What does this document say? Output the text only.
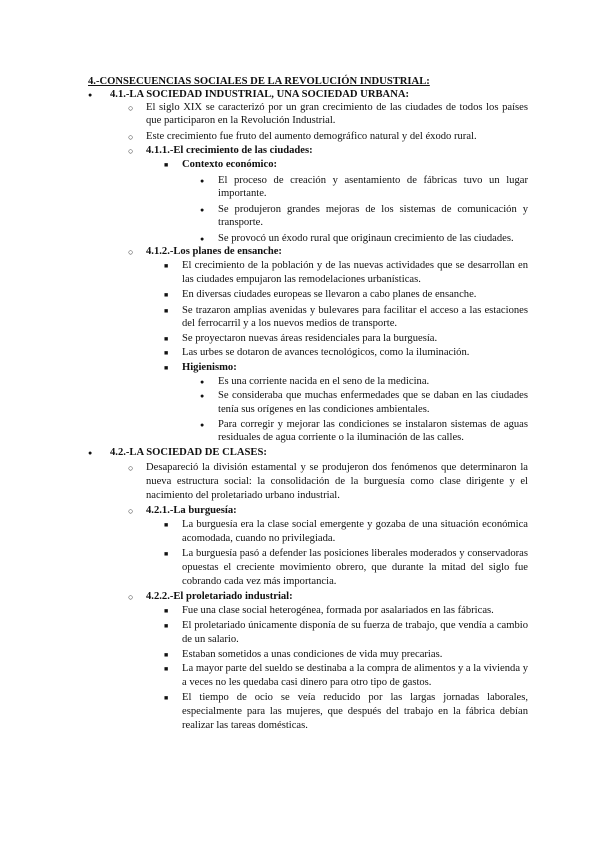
4.-CONSECUENCIAS SOCIALES DE LA REVOLUCIÓN INDUSTRIAL:
●
4.1.-LA SOCIEDAD INDUSTRIAL, UNA SOCIEDAD URBANA:
○
El siglo XIX se caracterizó por un gran crecimiento de las ciudades de todos los países
que participaron en la Revolución Industrial.
○
Este crecimiento fue fruto del aumento demográfico natural y del éxodo rural.
○
4.1.1.-El crecimiento de las ciudades:
■
Contexto económico:
●
El proceso de creación y asentamiento de fábricas tuvo un lugar
importante.
●
Se produjeron grandes mejoras de los sistemas de comunicación y
transporte.
●
Se provocó un éxodo rural que originaun crecimiento de las ciudades.
○
4.1.2.-Los planes de ensanche:
■
El crecimiento de la población y de las nuevas actividades que se desarrollan en
las ciudades empujaron las remodelaciones urbanísticas.
■
En diversas ciudades europeas se llevaron a cabo planes de ensanche.
■
Se trazaron amplias avenidas y bulevares para facilitar el acceso a las estaciones
del ferrocarril y a los nuevos medios de transporte.
■
Se proyectaron nuevas áreas residenciales para la burguesía.
■
Las urbes se dotaron de avances tecnológicos, como la iluminación.
■
Higienismo:
●
Es una corriente nacida en el seno de la medicina.
●
Se consideraba que muchas enfermedades que se daban en las ciudades
tenía sus orígenes en las condiciones ambientales.
●
Para corregir y mejorar las condiciones se instalaron sistemas de aguas
residuales de agua corriente o la iluminación de las calles.
●
4.2.-LA SOCIEDAD DE CLASES:
○
Desapareció la división estamental y se produjeron dos fenómenos que determinaron la
nueva estructura social: la consolidación de la burguesía como clase dirigente y el
nacimiento del proletariado urbano industrial.
○
4.2.1.-La burguesía:
■
La burguesía era la clase social emergente y gozaba de una situación económica
acomodada, cuando no privilegiada.
■
La burguesía pasó a defender las posiciones liberales moderados y conservadoras
opuestas el creciente movimiento obrero, que durante la mitad del siglo fue
cobrando cada vez más importancia.
○
4.2.2.-El proletariado industrial:
■
Fue una clase social heterogénea, formada por asalariados en las fábricas.
■
El proletariado únicamente disponía de su fuerza de trabajo, que vendía a cambio
de un salario.
■
Estaban sometidos a unas condiciones de vida muy precarias.
■
La mayor parte del sueldo se destinaba a la compra de alimentos y a la vivienda y
a veces no les quedaba casi dinero para otro tipo de gastos.
■
El tiempo de ocio se veía reducido por las largas jornadas laborales,
especialmente para las mujeres, que después del trabajo en la fábrica debían
realizar las tareas domésticas.
